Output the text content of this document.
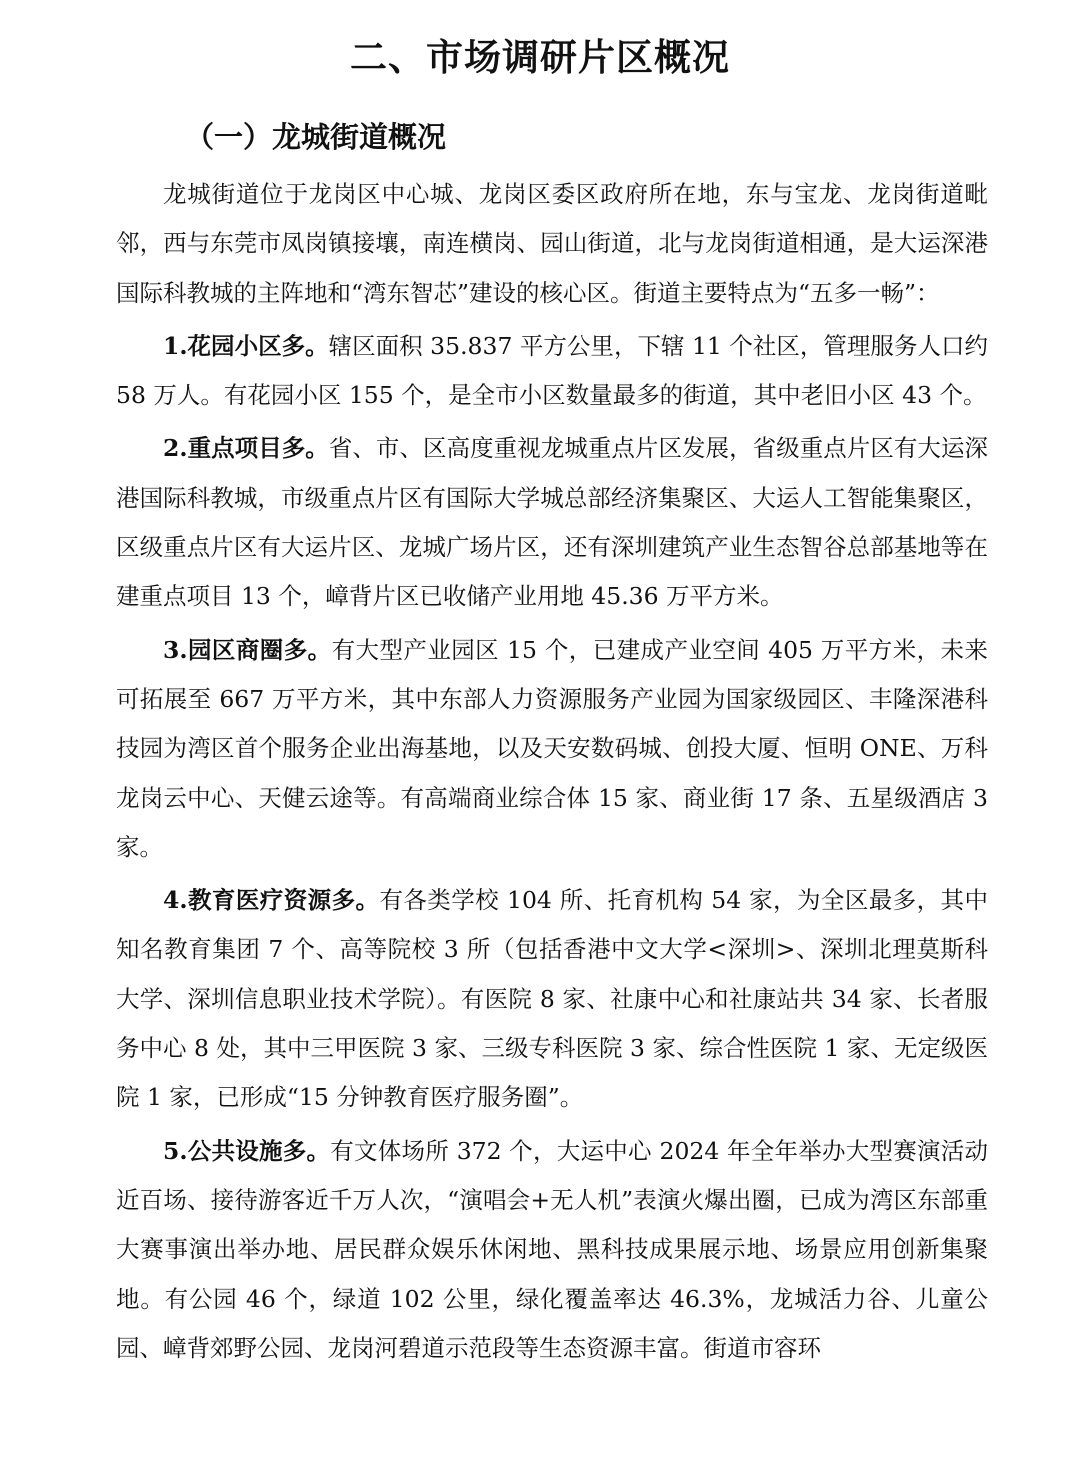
二、市场调研片区概况
（一）龙城街道概况

龙城街道位于龙岗区中心城、龙岗区委区政府所在地，东与宝龙、龙岗街道毗邻，西与东莞市凤岗镇接壤，南连横岗、园山街道，北与龙岗街道相通，是大运深港国际科教城的主阵地和“湾东智芯”建设的核心区。街道主要特点为“五多一畅”：

1.花园小区多。辖区面积 35.837 平方公里，下辖 11 个社区，管理服务人口约 58 万人。有花园小区 155 个，是全市小区数量最多的街道，其中老旧小区 43 个。

2.重点项目多。省、市、区高度重视龙城重点片区发展，省级重点片区有大运深港国际科教城，市级重点片区有国际大学城总部经济集聚区、大运人工智能集聚区，区级重点片区有大运片区、龙城广场片区，还有深圳建筑产业生态智谷总部基地等在建重点项目 13 个，嶂背片区已收储产业用地 45.36 万平方米。

3.园区商圈多。有大型产业园区 15 个，已建成产业空间 405 万平方米，未来可拓展至 667 万平方米，其中东部人力资源服务产业园为国家级园区、丰隆深港科技园为湾区首个服务企业出海基地，以及天安数码城、创投大厦、恒明 ONE、万科龙岗云中心、天健云途等。有高端商业综合体 15 家、商业街 17 条、五星级酒店 3 家。

4.教育医疗资源多。有各类学校 104 所、托育机构 54 家，为全区最多，其中知名教育集团 7 个、高等院校 3 所（包括香港中文大学<深圳>、深圳北理莫斯科大学、深圳信息职业技术学院）。有医院 8 家、社康中心和社康站共 34 家、长者服务中心 8 处，其中三甲医院 3 家、三级专科医院 3 家、综合性医院 1 家、无定级医院 1 家，已形成“15 分钟教育医疗服务圈”。

5.公共设施多。有文体场所 372 个，大运中心 2024 年全年举办大型赛演活动近百场、接待游客近千万人次，“演唱会+无人机”表演火爆出圈，已成为湾区东部重大赛事演出举办地、居民群众娱乐休闲地、黑科技成果展示地、场景应用创新集聚地。有公园 46 个，绿道 102 公里，绿化覆盖率达 46.3%，龙城活力谷、儿童公园、嶂背郊野公园、龙岗河碧道示范段等生态资源丰富。街道市容环
